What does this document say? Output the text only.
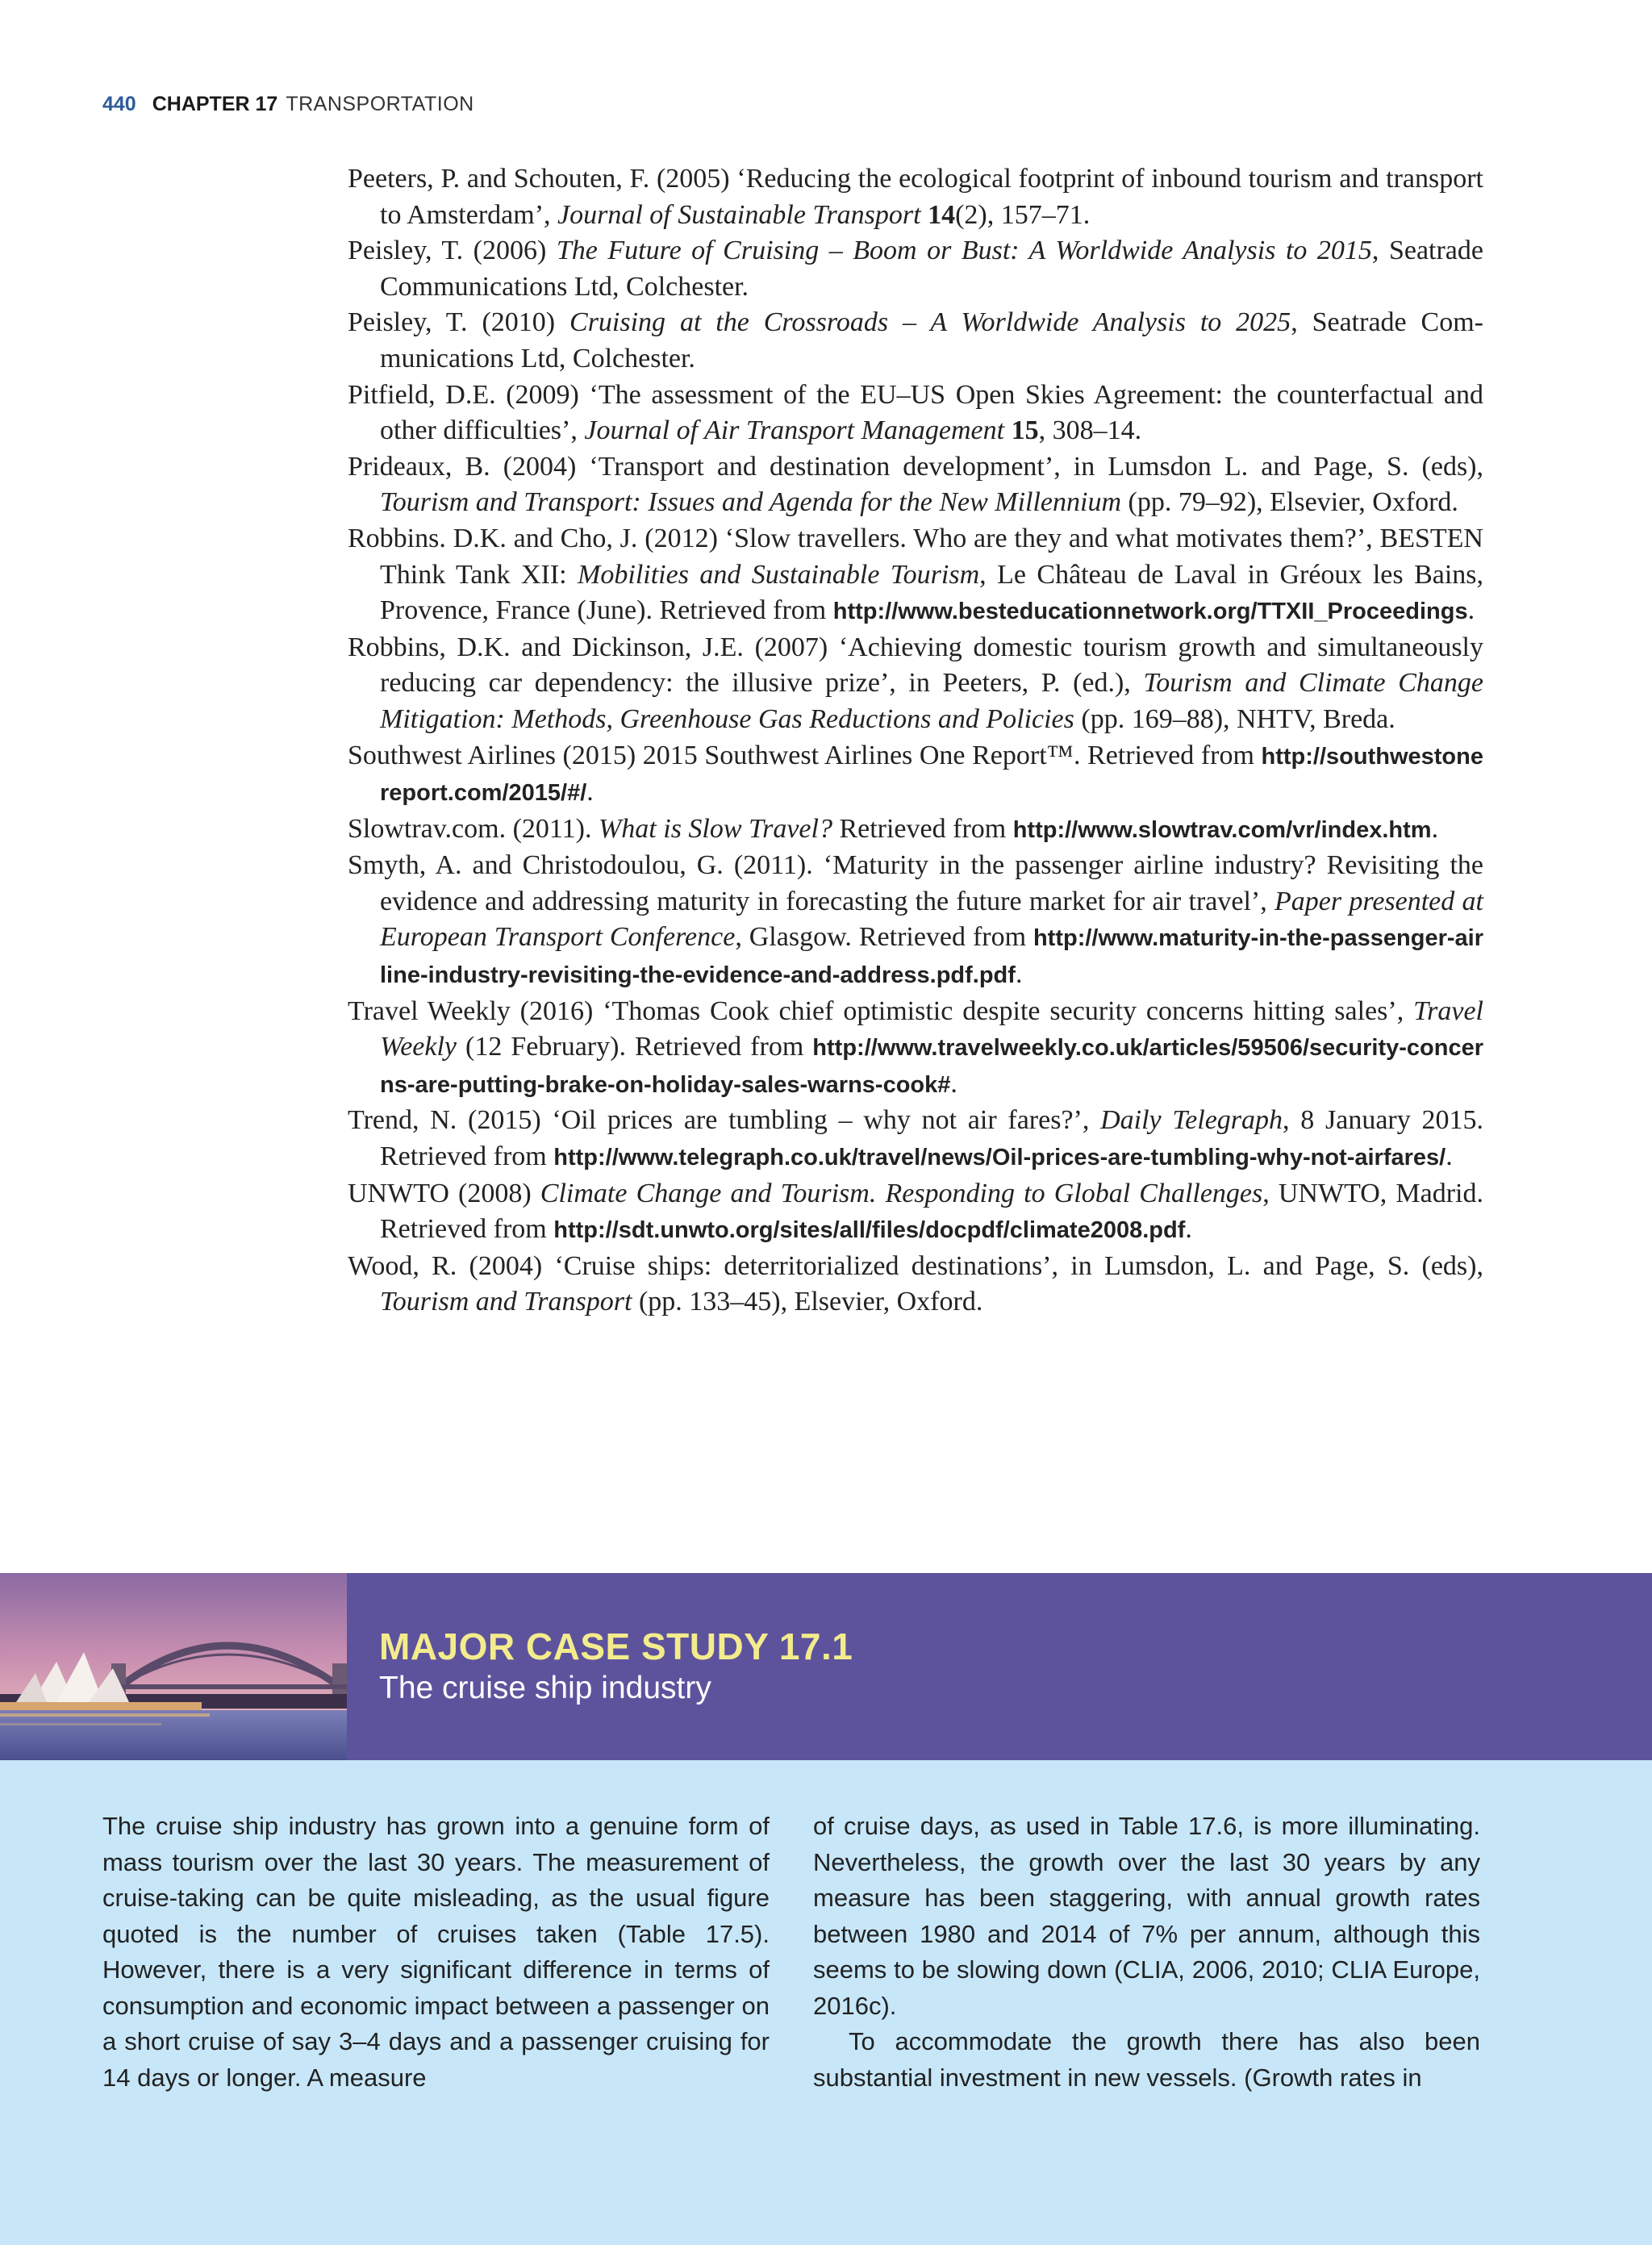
440 CHAPTER 17 TRANSPORTATION

Peeters, P. and Schouten, F. (2005) ‘Reducing the ecological footprint of inbound tourism and transport to Amsterdam’, Journal of Sustainable Transport 14(2), 157–71.

Peisley, T. (2006) The Future of Cruising – Boom or Bust: A Worldwide Analysis to 2015, Seatrade Communications Ltd, Colchester.

Peisley, T. (2010) Cruising at the Crossroads – A Worldwide Analysis to 2025, Seatrade Communications Ltd, Colchester.

Pitfield, D.E. (2009) ‘The assessment of the EU–US Open Skies Agreement: the counterfactual and other difficulties’, Journal of Air Transport Management 15, 308–14.

Prideaux, B. (2004) ‘Transport and destination development’, in Lumsdon L. and Page, S. (eds), Tourism and Transport: Issues and Agenda for the New Millennium (pp. 79–92), Elsevier, Oxford.

Robbins. D.K. and Cho, J. (2012) ‘Slow travellers. Who are they and what motivates them?’, BESTEN Think Tank XII: Mobilities and Sustainable Tourism, Le Château de Laval in Gréoux les Bains, Provence, France (June). Retrieved from http://www.besteducationnetwork.org/TTXII_Proceedings.

Robbins, D.K. and Dickinson, J.E. (2007) ‘Achieving domestic tourism growth and simultaneously reducing car dependency: the illusive prize’, in Peeters, P. (ed.), Tourism and Climate Change Mitigation: Methods, Greenhouse Gas Reductions and Policies (pp. 169–88), NHTV, Breda.

Southwest Airlines (2015) 2015 Southwest Airlines One Report™. Retrieved from http://southwestonereport.com/2015/#/.

Slowtrav.com. (2011). What is Slow Travel? Retrieved from http://www.slowtrav.com/vr/index.htm.

Smyth, A. and Christodoulou, G. (2011). ‘Maturity in the passenger airline industry? Revisiting the evidence and addressing maturity in forecasting the future market for air travel’, Paper presented at European Transport Conference, Glasgow. Retrieved from http://www.maturity-in-the-passenger-airline-industry-revisiting-the-evidence-and-address.pdf.pdf.

Travel Weekly (2016) ‘Thomas Cook chief optimistic despite security concerns hitting sales’, Travel Weekly (12 February). Retrieved from http://www.travelweekly.co.uk/articles/59506/security-concerns-are-putting-brake-on-holiday-sales-warns-cook#.

Trend, N. (2015) ‘Oil prices are tumbling – why not air fares?’, Daily Telegraph, 8 January 2015. Retrieved from http://www.telegraph.co.uk/travel/news/Oil-prices-are-tumbling-why-not-airfares/.

UNWTO (2008) Climate Change and Tourism. Responding to Global Challenges, UNWTO, Madrid. Retrieved from http://sdt.unwto.org/sites/all/files/docpdf/climate2008.pdf.

Wood, R. (2004) ‘Cruise ships: deterritorialized destinations’, in Lumsdon, L. and Page, S. (eds), Tourism and Transport (pp. 133–45), Elsevier, Oxford.

MAJOR CASE STUDY 17.1
The cruise ship industry

The cruise ship industry has grown into a genuine form of mass tourism over the last 30 years. The measurement of cruise-taking can be quite misleading, as the usual figure quoted is the number of cruises taken (Table 17.5). However, there is a very significant difference in terms of consumption and economic impact between a passenger on a short cruise of say 3–4 days and a passenger cruising for 14 days or longer. A measure

of cruise days, as used in Table 17.6, is more illuminating. Nevertheless, the growth over the last 30 years by any measure has been staggering, with annual growth rates between 1980 and 2014 of 7% per annum, although this seems to be slowing down (CLIA, 2006, 2010; CLIA Europe, 2016c).

To accommodate the growth there has also been substantial investment in new vessels. (Growth rates in
